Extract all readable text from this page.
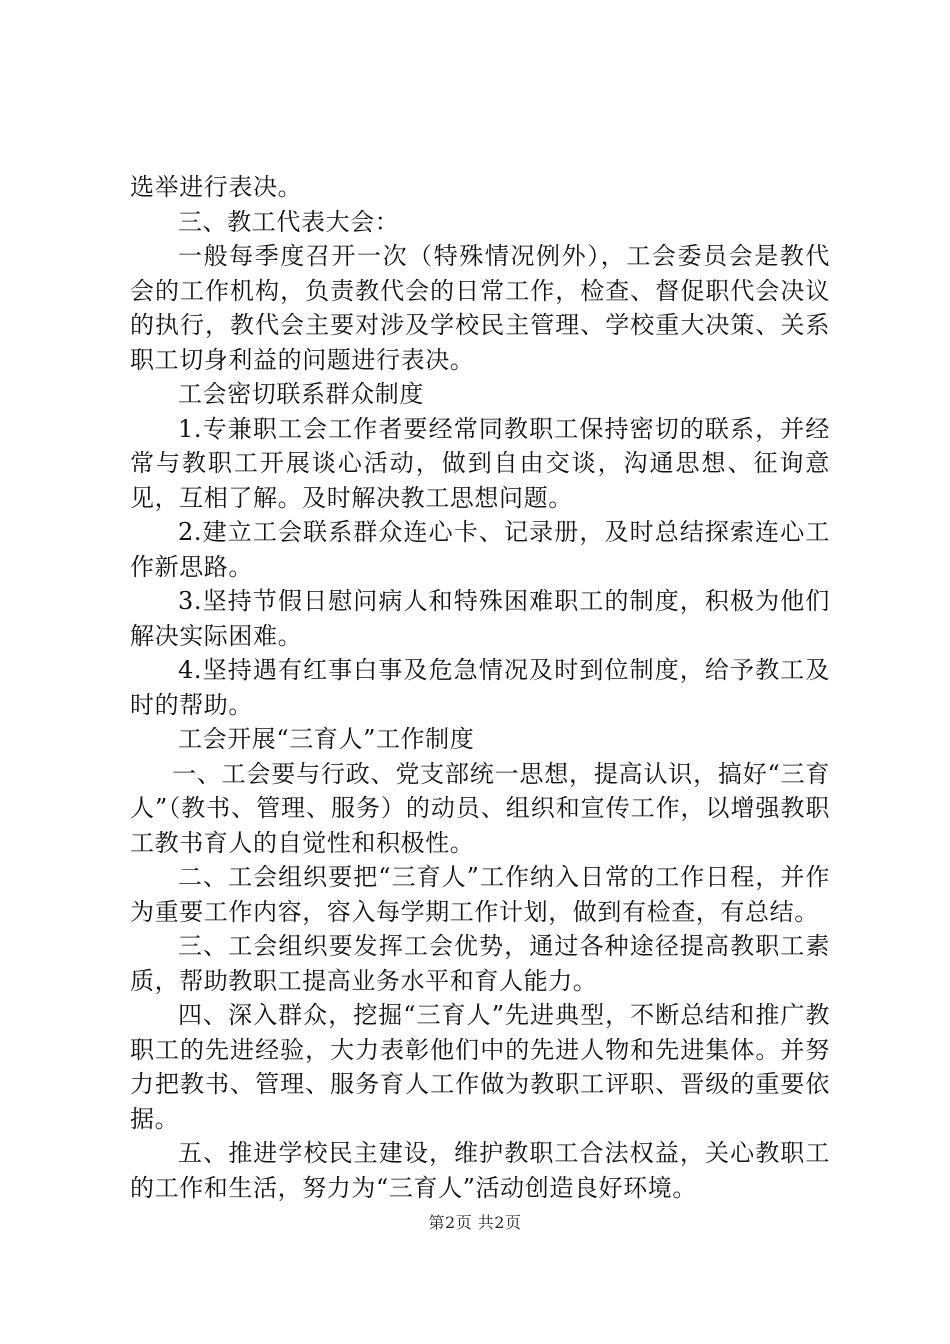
选举进行表决。

三、教工代表大会：

一般每季度召开一次（特殊情况例外），工会委员会是教代会的工作机构，负责教代会的日常工作，检查、督促职代会决议的执行，教代会主要对涉及学校民主管理、学校重大决策、关系职工切身利益的问题进行表决。

工会密切联系群众制度

1.专兼职工会工作者要经常同教职工保持密切的联系，并经常与教职工开展谈心活动，做到自由交谈，沟通思想、征询意见，互相了解。及时解决教工思想问题。

2.建立工会联系群众连心卡、记录册，及时总结探索连心工作新思路。

3.坚持节假日慰问病人和特殊困难职工的制度，积极为他们解决实际困难。

4.坚持遇有红事白事及危急情况及时到位制度，给予教工及时的帮助。

工会开展“三育人”工作制度

一、工会要与行政、党支部统一思想，提高认识，搞好“三育人”（教书、管理、服务）的动员、组织和宣传工作，以增强教职工教书育人的自觉性和积极性。

二、工会组织要把“三育人”工作纳入日常的工作日程，并作为重要工作内容，容入每学期工作计划，做到有检查，有总结。

三、工会组织要发挥工会优势，通过各种途径提高教职工素质，帮助教职工提高业务水平和育人能力。

四、深入群众，挖掘“三育人”先进典型，不断总结和推广教职工的先进经验，大力表彰他们中的先进人物和先进集体。并努力把教书、管理、服务育人工作做为教职工评职、晋级的重要依据。

五、推进学校民主建设，维护教职工合法权益，关心教职工的工作和生活，努力为“三育人”活动创造良好环境。

第2页 共2页
